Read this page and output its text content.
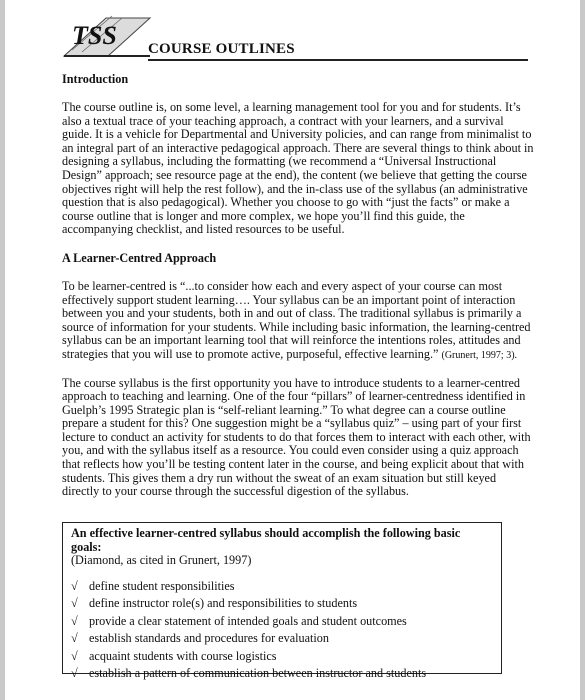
TSS COURSE OUTLINES

Introduction

The course outline is, on some level, a learning management tool for you and for students. It’s also a textual trace of your teaching approach, a contract with your learners, and a survival guide. It is a vehicle for Departmental and University policies, and can range from minimalist to an integral part of an interactive pedagogical approach. There are several things to think about in designing a syllabus, including the formatting (we recommend a “Universal Instructional Design” approach; see resource page at the end), the content (we believe that getting the course objectives right will help the rest follow), and the in-class use of the syllabus (an administrative question that is also pedagogical). Whether you choose to go with “just the facts” or make a course outline that is longer and more complex, we hope you’ll find this guide, the accompanying checklist, and listed resources to be useful.

A Learner-Centred Approach

To be learner-centred is “...to consider how each and every aspect of your course can most effectively support student learning…. Your syllabus can be an important point of interaction between you and your students, both in and out of class. The traditional syllabus is primarily a source of information for your students. While including basic information, the learning-centred syllabus can be an important learning tool that will reinforce the intentions roles, attitudes and strategies that you will use to promote active, purposeful, effective learning.” (Grunert, 1997; 3).

The course syllabus is the first opportunity you have to introduce students to a learner-centred approach to teaching and learning. One of the four “pillars” of learner-centredness identified in Guelph’s 1995 Strategic plan is “self-reliant learning.” To what degree can a course outline prepare a student for this? One suggestion might be a “syllabus quiz” – using part of your first lecture to conduct an activity for students to do that forces them to interact with each other, with you, and with the syllabus itself as a resource. You could even consider using a quiz approach that reflects how you’ll be testing content later in the course, and being explicit about that with students. This gives them a dry run without the sweat of an exam situation but still keyed directly to your course through the successful digestion of the syllabus.

An effective learner-centred syllabus should accomplish the following basic goals:

(Diamond, as cited in Grunert, 1997)

√ define student responsibilities
√ define instructor role(s) and responsibilities to students
√ provide a clear statement of intended goals and student outcomes
√ establish standards and procedures for evaluation
√ acquaint students with course logistics
√ establish a pattern of communication between instructor and students
